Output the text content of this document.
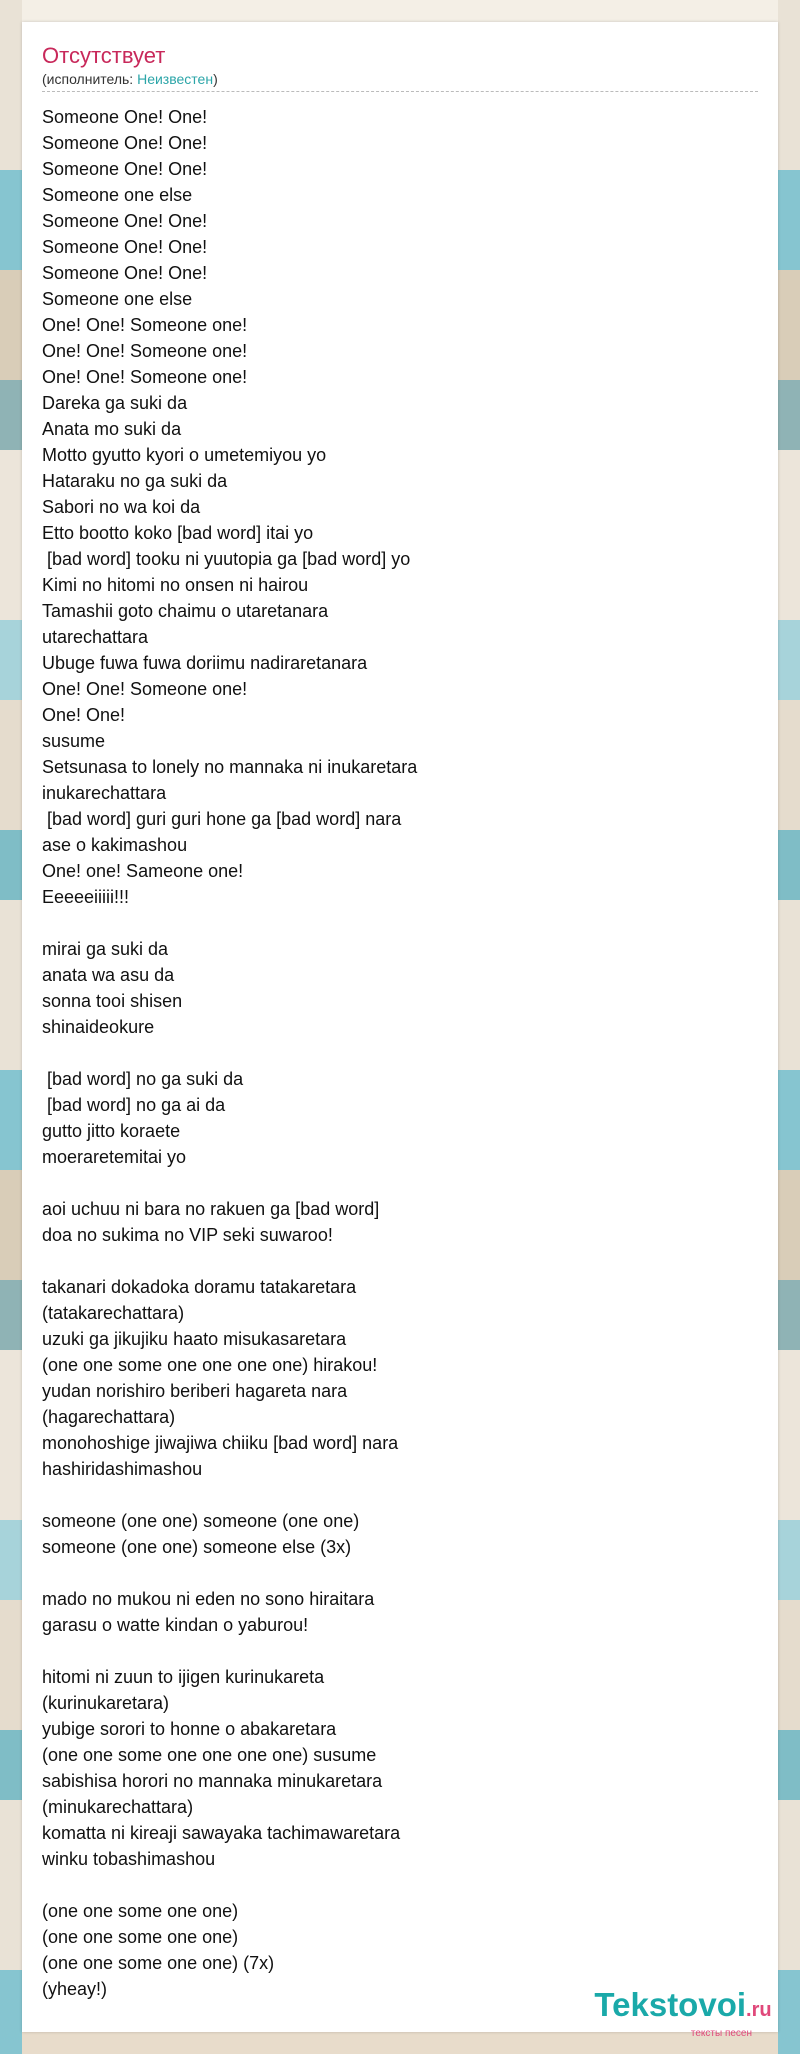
Отсутствует
(исполнитель: Неизвестен)
Someone One! One!
Someone One! One!
Someone One! One!
Someone one else
Someone One! One!
Someone One! One!
Someone One! One!
Someone one else
One! One! Someone one!
One! One! Someone one!
One! One! Someone one!
Dareka ga suki da
Anata mo suki da
Motto gyutto kyori o umetemiyou yo
Hataraku no ga suki da
Sabori no wa koi da
Etto bootto koko [bad word] itai yo
[bad word] tooku ni yuutopia ga [bad word] yo
Kimi no hitomi no onsen ni hairou
Tamashii goto chaimu o utaretanara
utarechattara
Ubuge fuwa fuwa doriimu nadiraretanara
One! One! Someone one!
One! One!
susume
Setsunasa to lonely no mannaka ni inukaretara
inukarechattara
[bad word] guri guri hone ga [bad word] nara
ase o kakimashou
One! one! Sameone one!
Eeeeeiiiii!!!
mirai ga suki da
anata wa asu da
sonna tooi shisen
shinaideokure
[bad word] no ga suki da
[bad word] no ga ai da
gutto jitto koraete
moeraretemitai yo
aoi uchuu ni bara no rakuen ga [bad word]
doa no sukima no VIP seki suwaroo!
takanari dokadoka doramu tatakaretara
(tatakarechattara)
uzuki ga jikujiku haato misukasaretara
(one one some one one one one) hirakou!
yudan norishiro beriberi hagareta nara
(hagarechattara)
monohoshige jiwajiwa chiiku [bad word] nara
hashiridashimashou
someone (one one) someone (one one)
someone (one one) someone else (3x)
mado no mukou ni eden no sono hiraitara
garasu o watte kindan o yaburou!
hitomi ni zuun to ijigen kurinukareta
(kurinukaretara)
yubige sorori to honne o abakaretara
(one one some one one one one) susume
sabishisa horori no mannaka minukaretara
(minukarechattara)
komatta ni kireaji sawayaka tachimawaretara
winku tobashimashou
(one one some one one)
(one one some one one)
(one one some one one) (7x)
(yheay!)	Tekstovoi.ru
тексты песен
